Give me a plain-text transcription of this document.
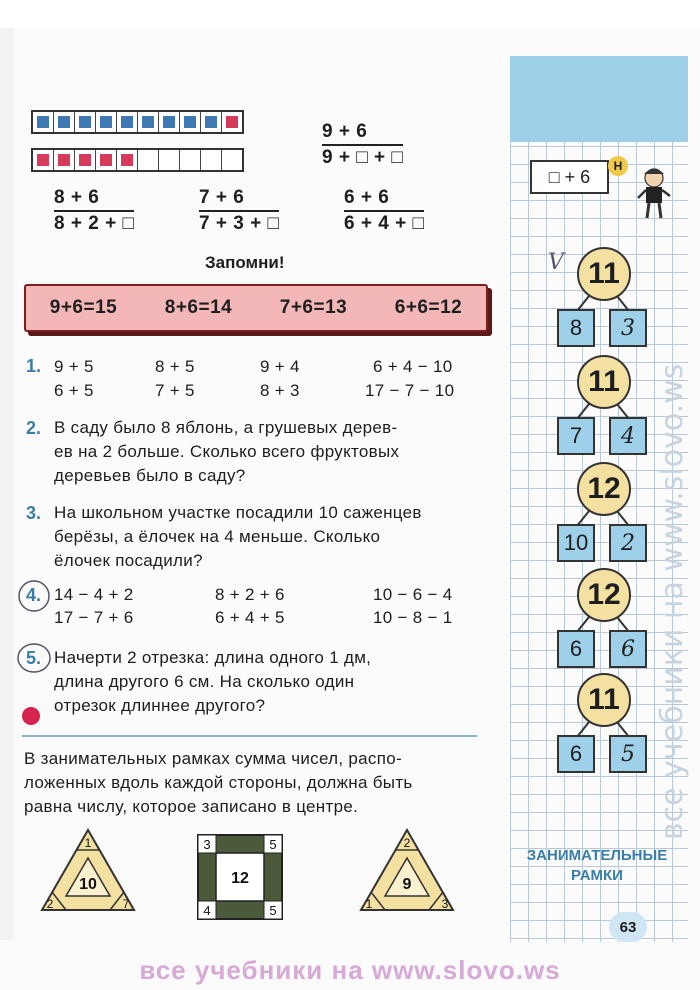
9 + 6
9 + □ + □
8 + 6
8 + 2 + □
7 + 6
7 + 3 + □
6 + 6
6 + 4 + □
Запомни!
9+6=15	8+6=14	7+6=13	6+6=12
1. 9 + 5	8 + 5	9 + 4	6 + 4 − 10
6 + 5	7 + 5	8 + 3	17 − 7 − 10
2. В саду было 8 яблонь, а грушевых дерев-
ев на 2 больше. Сколько всего фруктовых
деревьев было в саду?
3. На школьном участке посадили 10 саженцев
берёзы, а ёлочек на 4 меньше. Сколько
ёлочек посадили?
4. 14 − 4 + 2	8 + 2 + 6	10 − 6 − 4
17 − 7 + 6	6 + 4 + 5	10 − 8 − 1
5. Начерти 2 отрезка: длина одного 1 дм,
длина другого 6 см. На сколько один
отрезок длиннее другого?
В занимательных рамках сумма чисел, распо-
ложенных вдоль каждой стороны, должна быть
равна числу, которое записано в центре.
1
10
2	7
3	5
4	5
12
2
9
1	3
□ + 6
Н
V 11
8	3
11
7	4
12
10	2
12
6	6
11
6	5 все учебники на www.slovo.ws
ЗАНИМАТЕЛЬНЫЕ
РАМКИ
63
все учебники на www.slovo.ws
